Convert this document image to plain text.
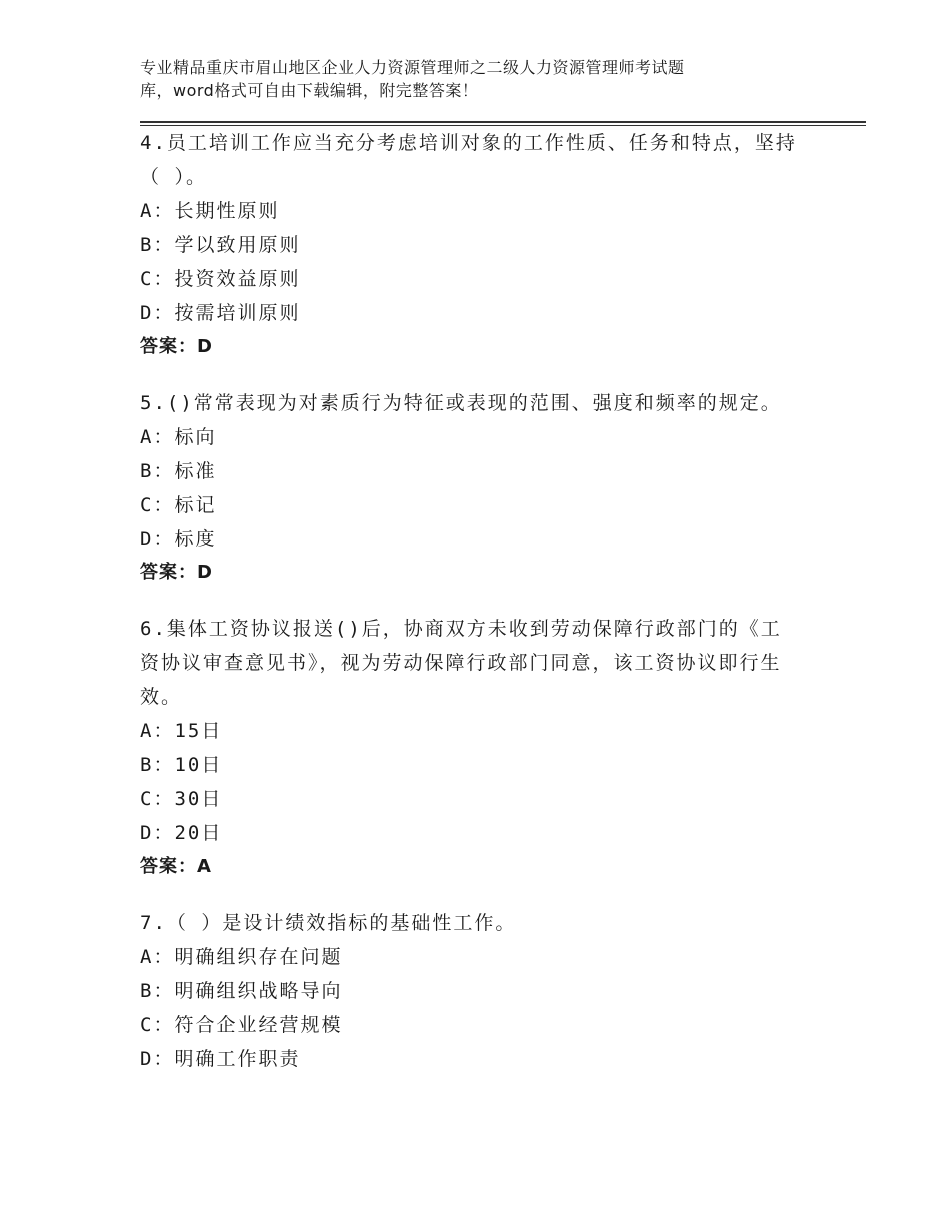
专业精品重庆市眉山地区企业人力资源管理师之二级人力资源管理师考试题
库，word格式可自由下载编辑，附完整答案！

4.员工培训工作应当充分考虑培训对象的工作性质、任务和特点，坚持（ ）。

A：长期性原则

B：学以致用原则

C：投资效益原则

D：按需培训原则

答案：D

5.()常常表现为对素质行为特征或表现的范围、强度和频率的规定。

A：标向

B：标准

C：标记

D：标度

答案：D

6.集体工资协议报送()后，协商双方未收到劳动保障行政部门的《工资协议审查意见书》，视为劳动保障行政部门同意，该工资协议即行生效。

A：15日

B：10日

C：30日

D：20日

答案：A

7.（ ）是设计绩效指标的基础性工作。

A：明确组织存在问题

B：明确组织战略导向

C：符合企业经营规模

D：明确工作职责
